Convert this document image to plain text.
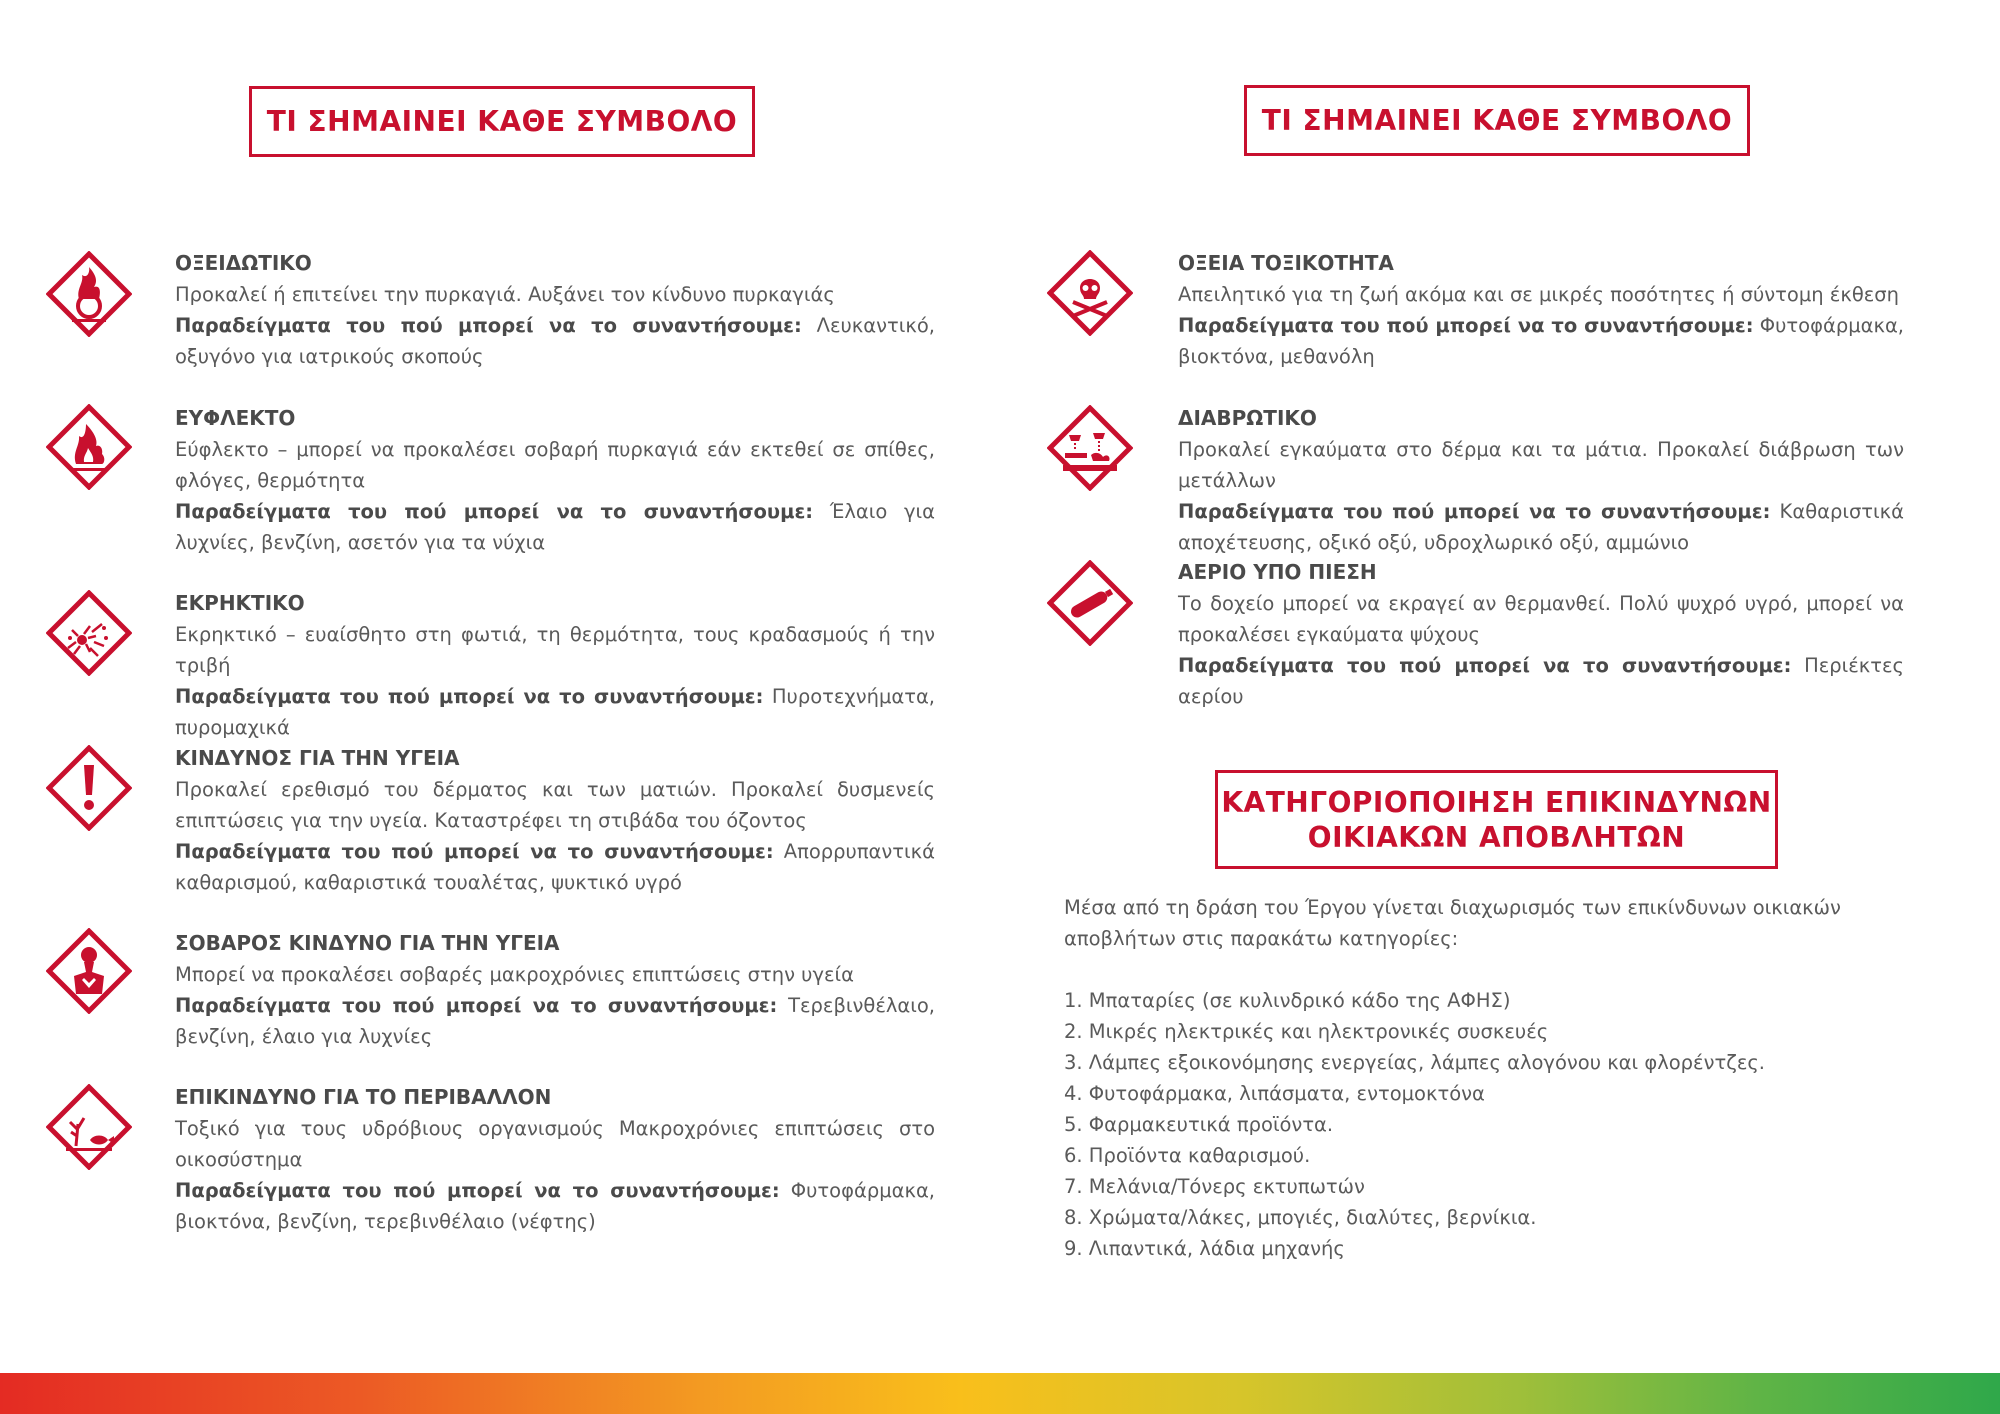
ΤΙ ΣΗΜΑΙΝΕΙ ΚΑΘΕ ΣΥΜΒΟΛΟ	ΤΙ ΣΗΜΑΙΝΕΙ ΚΑΘΕ ΣΥΜΒΟΛΟ
ΚΑΤΗΓΟΡΙΟΠΟΙΗΣΗ ΕΠΙΚΙΝΔΥΝΩΝ
ΟΙΚΙΑΚΩΝ ΑΠΟΒΛΗΤΩΝ
ΟΞΕΙΔΩΤΙΚΟ
Προκαλεί ή επιτείνει την πυρκαγιά. Αυξάνει τον κίνδυνο πυρκαγιάς
Παραδείγματα του πού μπορεί να το συναντήσουμε: Λευκαντικό, οξυγόνο για ιατρικούς σκοπούς
ΕΥΦΛΕΚΤΟ
Εύφλεκτο – μπορεί να προκαλέσει σοβαρή πυρκαγιά εάν εκτεθεί σε σπίθες, φλόγες, θερμότητα
Παραδείγματα του πού μπορεί να το συναντήσουμε: Έλαιο για λυχνίες, βενζίνη, ασετόν για τα νύχια
ΕΚΡΗΚΤΙΚΟ
Εκρηκτικό – ευαίσθητο στη φωτιά, τη θερμότητα, τους κραδασμούς ή την τριβή
Παραδείγματα του πού μπορεί να το συναντήσουμε: Πυροτεχνήματα, πυρομαχικά
ΚΙΝΔΥΝΟΣ ΓΙΑ ΤΗΝ ΥΓΕΙΑ
Προκαλεί ερεθισμό του δέρματος και των ματιών. Προκαλεί δυσμενείς επιπτώσεις για την υγεία. Καταστρέφει τη στιβάδα του όζοντος
Παραδείγματα του πού μπορεί να το συναντήσουμε: Απορρυπαντικά καθαρισμού, καθαριστικά τουαλέτας, ψυκτικό υγρό
ΣΟΒΑΡΟΣ ΚΙΝΔΥΝΟ ΓΙΑ ΤΗΝ ΥΓΕΙΑ
Μπορεί να προκαλέσει σοβαρές μακροχρόνιες επιπτώσεις στην υγεία
Παραδείγματα του πού μπορεί να το συναντήσουμε: Τερεβινθέλαιο, βενζίνη, έλαιο για λυχνίες
ΕΠΙΚΙΝΔΥΝΟ ΓΙΑ ΤΟ ΠΕΡΙΒΑΛΛΟΝ
Τοξικό για τους υδρόβιους οργανισμούς Μακροχρόνιες επιπτώσεις στο οικοσύστημα
Παραδείγματα του πού μπορεί να το συναντήσουμε: Φυτοφάρμακα, βιοκτόνα, βενζίνη, τερεβινθέλαιο (νέφτης)
ΟΞΕΙΑ ΤΟΞΙΚΟΤΗΤΑ
Απειλητικό για τη ζωή ακόμα και σε μικρές ποσότητες ή σύντομη έκθεση
Παραδείγματα του πού μπορεί να το συναντήσουμε: Φυτοφάρμακα, βιοκτόνα, μεθανόλη
ΔΙΑΒΡΩΤΙΚΟ
Προκαλεί εγκαύματα στο δέρμα και τα μάτια. Προκαλεί διάβρωση των μετάλλων
Παραδείγματα του πού μπορεί να το συναντήσουμε: Καθαριστικά αποχέτευσης, οξικό οξύ, υδροχλωρικό οξύ, αμμώνιο
ΑΕΡΙΟ ΥΠΟ ΠΙΕΣΗ
Το δοχείο μπορεί να εκραγεί αν θερμανθεί. Πολύ ψυχρό υγρό, μπορεί να προκαλέσει εγκαύματα ψύχους
Παραδείγματα του πού μπορεί να το συναντήσουμε: Περιέκτες αερίου
Μέσα από τη δράση του Έργου γίνεται διαχωρισμός των επικίνδυνων οικιακών αποβλήτων στις παρακάτω κατηγορίες:
1. Μπαταρίες (σε κυλινδρικό κάδο της ΑΦΗΣ)
2. Μικρές ηλεκτρικές και ηλεκτρονικές συσκευές
3. Λάμπες εξοικονόμησης ενεργείας, λάμπες αλογόνου και φλορέντζες.
4. Φυτοφάρμακα, λιπάσματα, εντομοκτόνα
5. Φαρμακευτικά προϊόντα.
6. Προϊόντα καθαρισμού.
7. Μελάνια/Τόνερς εκτυπωτών
8. Χρώματα/λάκες, μπογιές, διαλύτες, βερνίκια.
9. Λιπαντικά, λάδια μηχανής
